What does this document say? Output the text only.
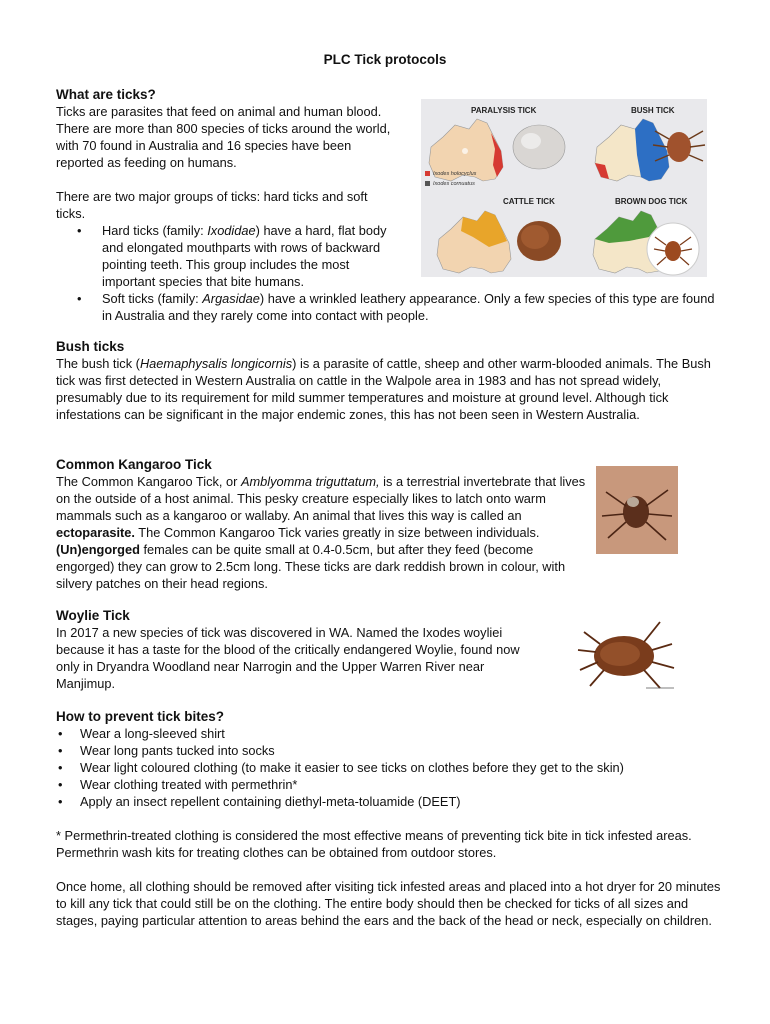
PLC Tick protocols
What are ticks?

Ticks are parasites that feed on animal and human blood. There are more than 800 species of ticks around the world, with 70 found in Australia and 16 species have been reported as feeding on humans.

There are two major groups of ticks: hard ticks and soft ticks.

• Hard ticks (family: Ixodidae) have a hard, flat body and elongated mouthparts with rows of backward pointing teeth. This group includes the most important species that bite humans.
• Soft ticks (family: Argasidae) have a wrinkled leathery appearance. Only a few species of this type are found in Australia and they rarely come into contact with people.
PARALYSIS TICK	BUSH TICK
CATTLE TICK	BROWN DOG TICK
Ixodes holocyclus
Ixodes cornuatus
Bush ticks

The bush tick (Haemaphysalis longicornis) is a parasite of cattle, sheep and other warm-blooded animals. The Bush tick was first detected in Western Australia on cattle in the Walpole area in 1983 and has not spread widely, presumably due to its requirement for mild summer temperatures and moisture at ground level. Although tick infestations can be significant in the major endemic zones, this has not been seen in Western Australia.

Common Kangaroo Tick

The Common Kangaroo Tick, or Amblyomma triguttatum, is a terrestrial invertebrate that lives on the outside of a host animal. This pesky creature especially likes to latch onto warm mammals such as a kangaroo or wallaby. An animal that lives this way is called an ectoparasite. The Common Kangaroo Tick varies greatly in size between individuals. (Un)engorged females can be quite small at 0.4-0.5cm, but after they feed (become engorged) they can grow to 2.5cm long. These ticks are dark reddish brown in colour, with silvery patches on their head regions.

Woylie Tick

In 2017 a new species of tick was discovered in WA. Named the Ixodes woyliei because it has a taste for the blood of the critically endangered Woylie, found now only in Dryandra Woodland near Narrogin and the Upper Warren River near Manjimup.

How to prevent tick bites?
• Wear a long-sleeved shirt
• Wear long pants tucked into socks
• Wear light coloured clothing (to make it easier to see ticks on clothes before they get to the skin)
• Wear clothing treated with permethrin*
• Apply an insect repellent containing diethyl-meta-toluamide (DEET)

* Permethrin-treated clothing is considered the most effective means of preventing tick bite in tick infested areas. Permethrin wash kits for treating clothes can be obtained from outdoor stores.

Once home, all clothing should be removed after visiting tick infested areas and placed into a hot dryer for 20 minutes to kill any tick that could still be on the clothing. The entire body should then be checked for ticks of all sizes and stages, paying particular attention to areas behind the ears and the back of the head or neck, especially on children.
